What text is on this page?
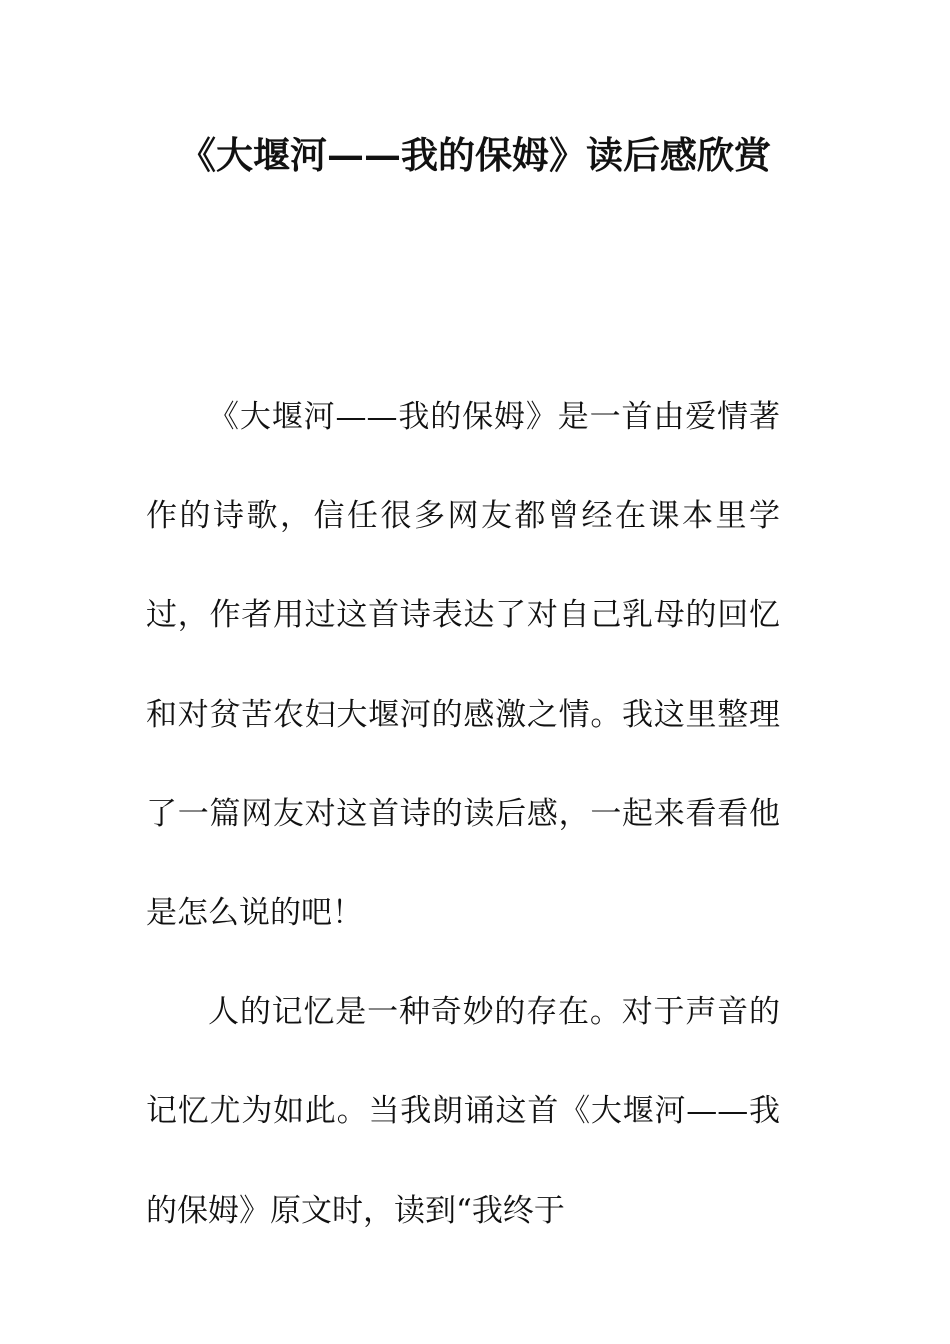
《大堰河——我的保姆》读后感欣赏

《大堰河——我的保姆》是一首由爱情著作的诗歌，信任很多网友都曾经在课本里学过，作者用过这首诗表达了对自己乳母的回忆和对贫苦农妇大堰河的感激之情。我这里整理了一篇网友对这首诗的读后感，一起来看看他是怎么说的吧！

人的记忆是一种奇妙的存在。对于声音的记忆尤为如此。当我朗诵这首《大堰河——我的保姆》原文时，读到“我终于
